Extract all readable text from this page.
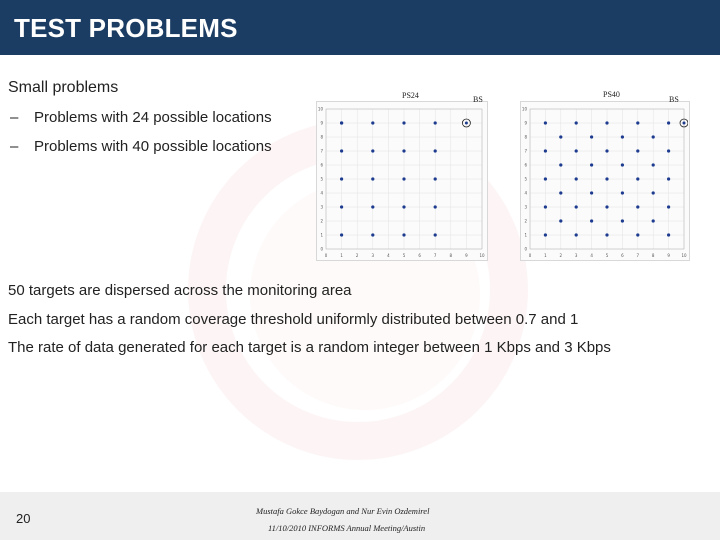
TEST PROBLEMS
Small problems
– Problems with 24 possible locations
– Problems with 40 possible locations
50 targets are dispersed across the monitoring area
Each target has a random coverage threshold uniformly distributed between 0.7 and 1
The rate of data generated for each target is a random integer between 1 Kbps and 3 Kbps
PS24	BS
0	1	2	3	4	5	6	7	8	9	10
0
1
2
3
4
5
6
7
8
9
10
PS40
BS
0	1	2	3	4	5	6	7	8	9	10
0
1
2
3
4
5
6
7
8
9
10
20	Mustafa Gokce Baydogan and Nur Evin Ozdemirel
11/10/2010 INFORMS Annual Meeting/Austin
